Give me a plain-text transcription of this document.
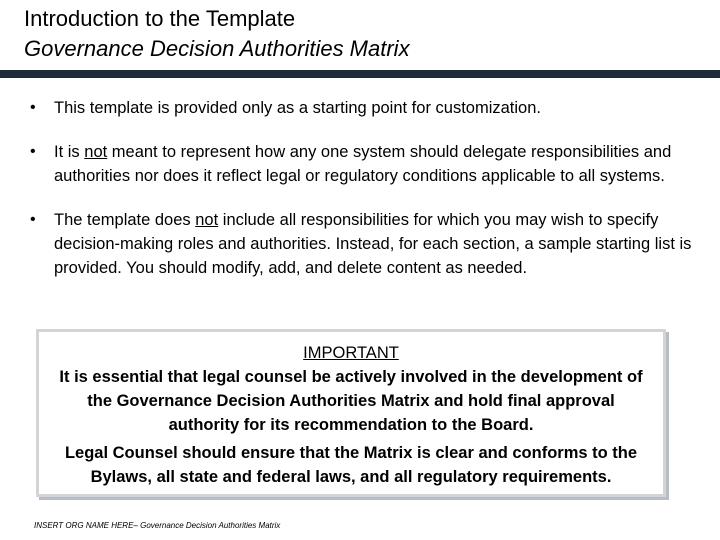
Introduction to the Template
Governance Decision Authorities Matrix
• This template is provided only as a starting point for customization.
• It is not meant to represent how any one system should delegate responsibilities and authorities nor does it reflect legal or regulatory conditions applicable to all systems.
• The template does not include all responsibilities for which you may wish to specify decision-making roles and authorities. Instead, for each section, a sample starting list is provided. You should modify, add, and delete content as needed.
IMPORTANT

It is essential that legal counsel be actively involved in the development of the Governance Decision Authorities Matrix and hold final approval authority for its recommendation to the Board.

Legal Counsel should ensure that the Matrix is clear and conforms to the Bylaws, all state and federal laws, and all regulatory requirements.

INSERT ORG NAME HERE– Governance Decision Authorities Matrix
